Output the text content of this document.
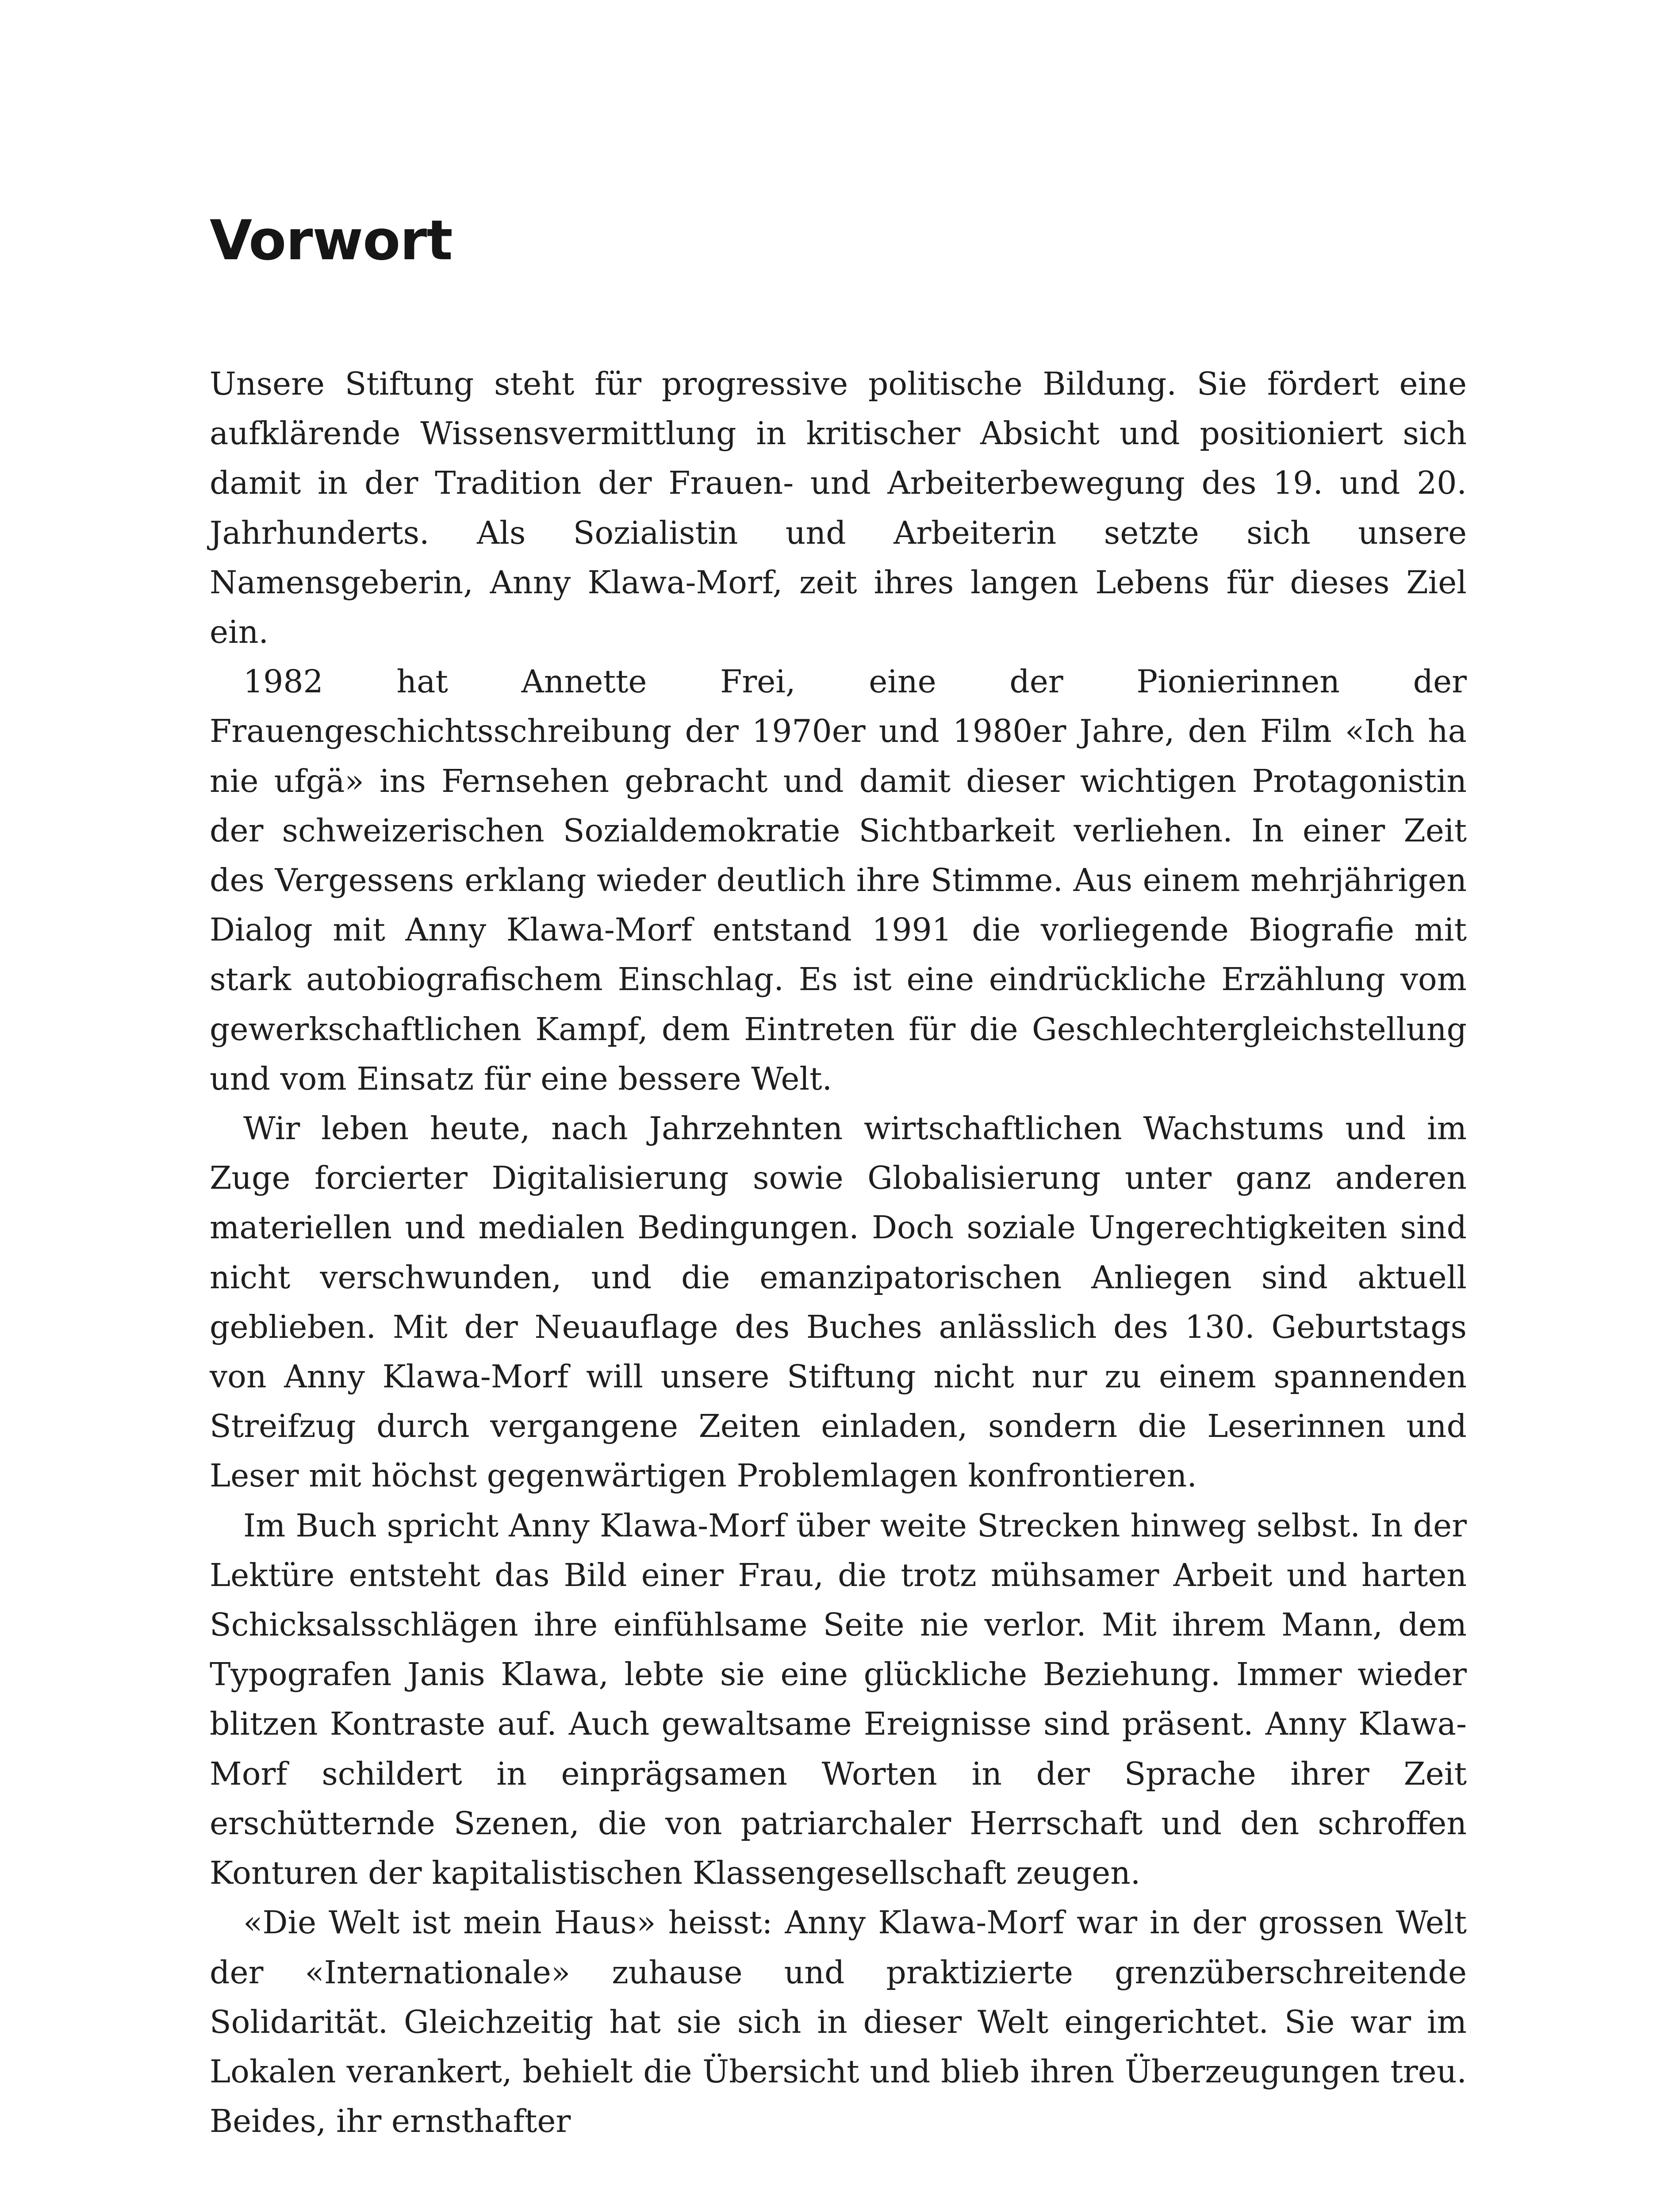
Vorwort

Unsere Stiftung steht für progressive politische Bildung. Sie fördert eine aufklärende Wissensvermittlung in kritischer Absicht und positioniert sich damit in der Tradition der Frauen- und Arbeiterbewegung des 19. und 20. Jahrhunderts. Als Sozialistin und Arbeiterin setzte sich unsere Namensgeberin, Anny Klawa-Morf, zeit ihres langen Lebens für dieses Ziel ein.

1982 hat Annette Frei, eine der Pionierinnen der Frauengeschichtsschreibung der 1970er und 1980er Jahre, den Film «Ich ha nie ufgä» ins Fernsehen gebracht und damit dieser wichtigen Protagonistin der schweizerischen Sozialdemokratie Sichtbarkeit verliehen. In einer Zeit des Vergessens erklang wieder deutlich ihre Stimme. Aus einem mehrjährigen Dialog mit Anny Klawa-Morf entstand 1991 die vorliegende Biografie mit stark autobiografischem Einschlag. Es ist eine eindrückliche Erzählung vom gewerkschaftlichen Kampf, dem Eintreten für die Geschlechtergleichstellung und vom Einsatz für eine bessere Welt.

Wir leben heute, nach Jahrzehnten wirtschaftlichen Wachstums und im Zuge forcierter Digitalisierung sowie Globalisierung unter ganz anderen materiellen und medialen Bedingungen. Doch soziale Ungerechtigkeiten sind nicht verschwunden, und die emanzipatorischen Anliegen sind aktuell geblieben. Mit der Neuauflage des Buches anlässlich des 130. Geburtstags von Anny Klawa-Morf will unsere Stiftung nicht nur zu einem spannenden Streifzug durch vergangene Zeiten einladen, sondern die Leserinnen und Leser mit höchst gegenwärtigen Problemlagen konfrontieren.

Im Buch spricht Anny Klawa-Morf über weite Strecken hinweg selbst. In der Lektüre entsteht das Bild einer Frau, die trotz mühsamer Arbeit und harten Schicksalsschlägen ihre einfühlsame Seite nie verlor. Mit ihrem Mann, dem Typografen Janis Klawa, lebte sie eine glückliche Beziehung. Immer wieder blitzen Kontraste auf. Auch gewaltsame Ereignisse sind präsent. Anny Klawa-Morf schildert in einprägsamen Worten in der Sprache ihrer Zeit erschütternde Szenen, die von patriarchaler Herrschaft und den schroffen Konturen der kapitalistischen Klassengesellschaft zeugen.

«Die Welt ist mein Haus» heisst: Anny Klawa-Morf war in der grossen Welt der «Internationale» zuhause und praktizierte grenzüberschreitende Solidarität. Gleichzeitig hat sie sich in dieser Welt eingerichtet. Sie war im Lokalen verankert, behielt die Übersicht und blieb ihren Überzeugungen treu. Beides, ihr ernsthafter
